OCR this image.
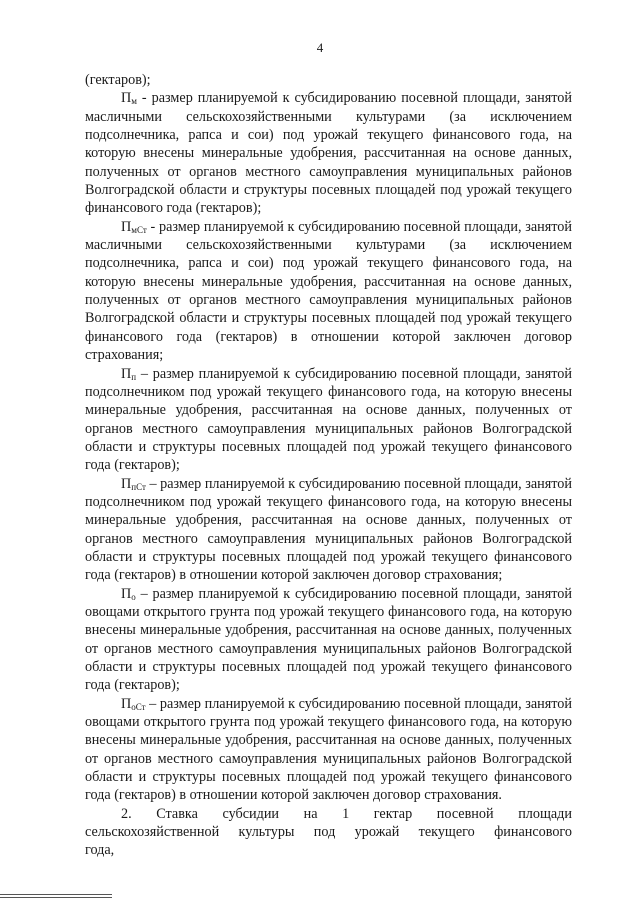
4

(гектаров);

$П_м$ - размер планируемой к субсидированию посевной площади, занятой масличными сельскохозяйственными культурами (за исключением подсолнечника, рапса и сои) под урожай текущего финансового года, на которую внесены минеральные удобрения, рассчитанная на основе данных, полученных от органов местного самоуправления муниципальных районов Волгоградской области и структуры посевных площадей под урожай текущего финансового года (гектаров);

$П_{мСт}$ - размер планируемой к субсидированию посевной площади, занятой масличными сельскохозяйственными культурами (за исключением подсолнечника, рапса и сои) под урожай текущего финансового года, на которую внесены минеральные удобрения, рассчитанная на основе данных, полученных от органов местного самоуправления муниципальных районов Волгоградской области и структуры посевных площадей под урожай текущего финансового года (гектаров) в отношении которой заключен договор страхования;

$П_п$ – размер планируемой к субсидированию посевной площади, занятой подсолнечником под урожай текущего финансового года, на которую внесены минеральные удобрения, рассчитанная на основе данных, полученных от органов местного самоуправления муниципальных районов Волгоградской области и структуры посевных площадей под урожай текущего финансового года (гектаров);

$П_{пСт}$ – размер планируемой к субсидированию посевной площади, занятой подсолнечником под урожай текущего финансового года, на которую внесены минеральные удобрения, рассчитанная на основе данных, полученных от органов местного самоуправления муниципальных районов Волгоградской области и структуры посевных площадей под урожай текущего финансового года (гектаров) в отношении которой заключен договор страхования;

$П_о$ – размер планируемой к субсидированию посевной площади, занятой овощами открытого грунта под урожай текущего финансового года, на которую внесены минеральные удобрения, рассчитанная на основе данных, полученных от органов местного самоуправления муниципальных районов Волгоградской области и структуры посевных площадей под урожай текущего финансового года (гектаров);

$П_{оСт}$ – размер планируемой к субсидированию посевной площади, занятой овощами открытого грунта под урожай текущего финансового года, на которую внесены минеральные удобрения, рассчитанная на основе данных, полученных от органов местного самоуправления муниципальных районов Волгоградской области и структуры посевных площадей под урожай текущего финансового года (гектаров) в отношении которой заключен договор страхования.

2. Ставка субсидии на 1 гектар посевной площади сельскохозяйственной культуры под урожай текущего финансового года,
